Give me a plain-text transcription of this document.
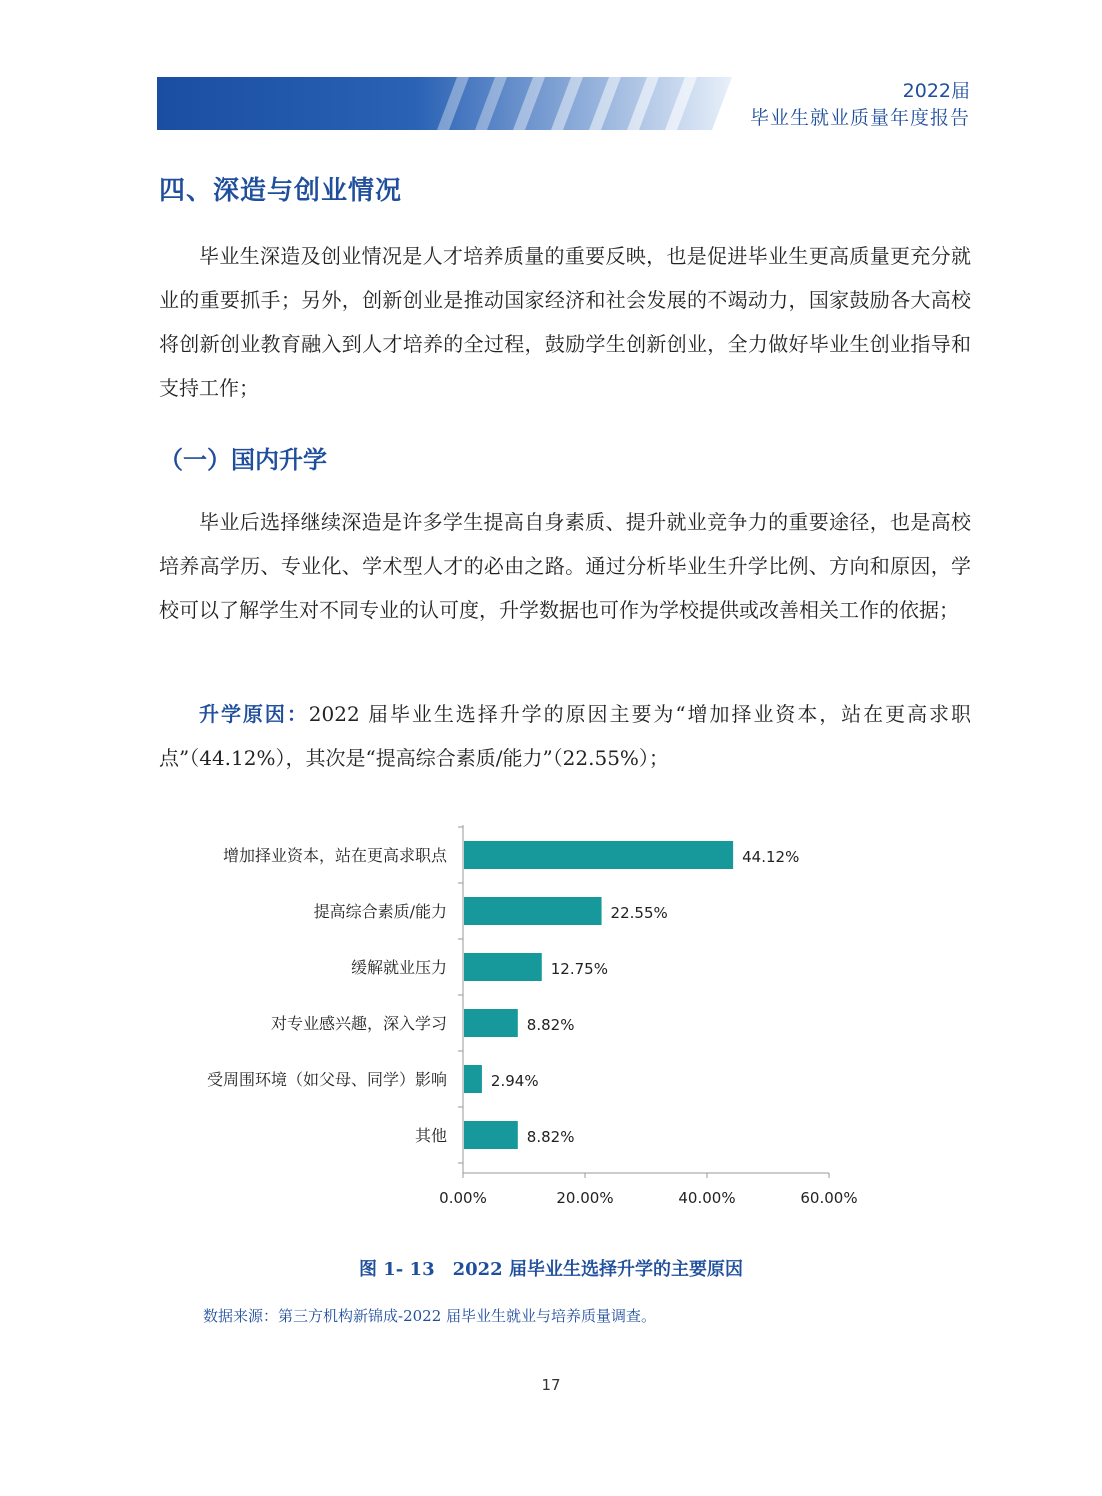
2022届
毕业生就业质量年度报告
四、深造与创业情况

毕业生深造及创业情况是人才培养质量的重要反映，也是促进毕业生更高质量更充分就业的重要抓手；另外，创新创业是推动国家经济和社会发展的不竭动力，国家鼓励各大高校将创新创业教育融入到人才培养的全过程，鼓励学生创新创业，全力做好毕业生创业指导和支持工作；

（一）国内升学

毕业后选择继续深造是许多学生提高自身素质、提升就业竞争力的重要途径，也是高校培养高学历、专业化、学术型人才的必由之路。通过分析毕业生升学比例、方向和原因，学校可以了解学生对不同专业的认可度，升学数据也可作为学校提供或改善相关工作的依据；

升学原因：2022 届毕业生选择升学的原因主要为“增加择业资本，站在更高求职点”（44.12%），其次是“提高综合素质/能力”（22.55%）；

0.00%	20.00%	40.00%	60.00%
增加择业资本，站在更高求职点	44.12%
提高综合素质/能力	22.55%
缓解就业压力	12.75%
对专业感兴趣，深入学习	8.82%
受周围环境（如父母、同学）影响	2.94%
其他	8.82%
图 1- 13　2022 届毕业生选择升学的主要原因
数据来源：第三方机构新锦成-2022 届毕业生就业与培养质量调查。
17
